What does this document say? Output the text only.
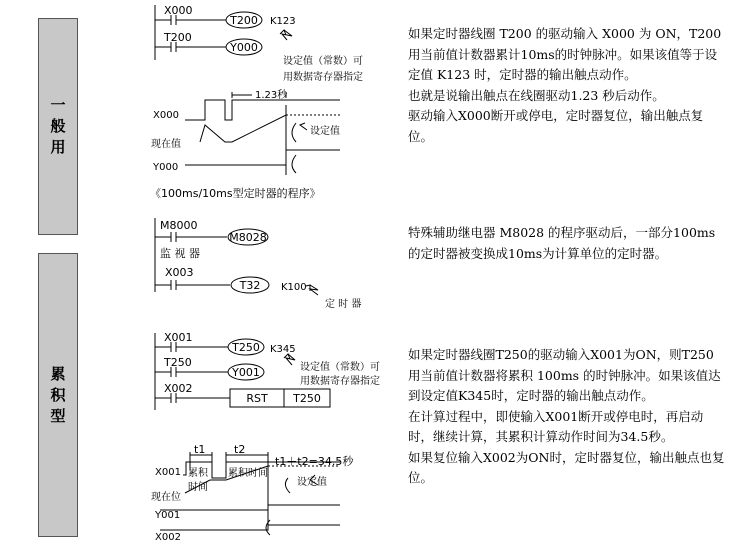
一
般
用
累
积
型
X000
T200
T200
Y000
K123
设定值（常数）可
用数据寄存器指定
X000
现在值
设定值
Y000
1.23秒
《100ms/10ms型定时器的程序》
M8000
监 视 器
M8028
X003
T32 K100
定 时 器
X001
T250
X002
T250
Y001
RST T250
K345
设定值（常数）可
用数据寄存器指定
t1	t2
t1＋t2=34.5秒
X001 累积
时间
累积时间
现在位
设定值
Y001
X002

如果定时器线圈 T200 的驱动输入 X000 为 ON，T200用当前值计数器累计10ms的时钟脉冲。如果该值等于设定值 K123 时，定时器的输出触点动作。

也就是说输出触点在线圈驱动1.23 秒后动作。

驱动输入X000断开或停电，定时器复位，输出触点复位。

特殊辅助继电器 M8028 的程序驱动后，一部分100ms的定时器被变换成10ms为计算单位的定时器。

如果定时器线圈T250的驱动输入X001为ON，则T250 用当前值计数器将累积 100ms 的时钟脉冲。如果该值达到设定值K345时，定时器的输出触点动作。

在计算过程中，即使输入X001断开或停电时，再启动时，继续计算，其累积计算动作时间为34.5秒。

如果复位输入X002为ON时，定时器复位，输出触点也复位。
